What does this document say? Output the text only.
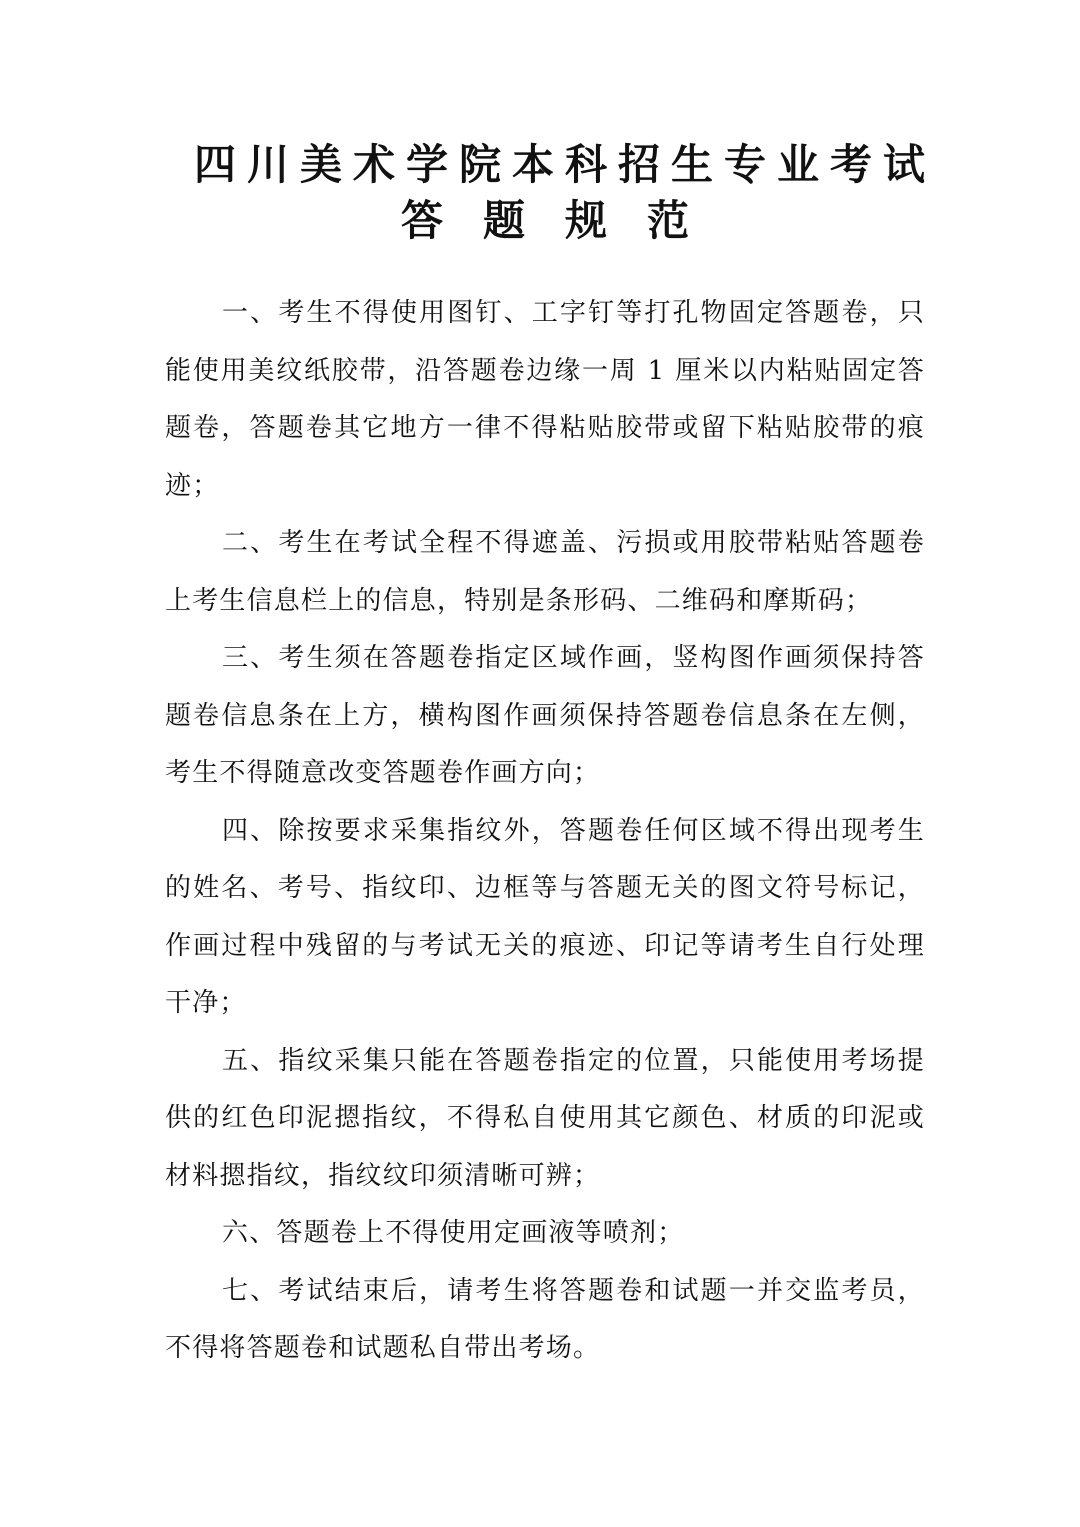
四川美术学院本科招生专业考试
答题规范

一、考生不得使用图钉、工字钉等打孔物固定答题卷，只能使用美纹纸胶带，沿答题卷边缘一周 1 厘米以内粘贴固定答题卷，答题卷其它地方一律不得粘贴胶带或留下粘贴胶带的痕迹；

二、考生在考试全程不得遮盖、污损或用胶带粘贴答题卷上考生信息栏上的信息，特别是条形码、二维码和摩斯码；

三、考生须在答题卷指定区域作画，竖构图作画须保持答题卷信息条在上方，横构图作画须保持答题卷信息条在左侧，考生不得随意改变答题卷作画方向；

四、除按要求采集指纹外，答题卷任何区域不得出现考生的姓名、考号、指纹印、边框等与答题无关的图文符号标记，作画过程中残留的与考试无关的痕迹、印记等请考生自行处理干净；

五、指纹采集只能在答题卷指定的位置，只能使用考场提供的红色印泥摁指纹，不得私自使用其它颜色、材质的印泥或材料摁指纹，指纹纹印须清晰可辨；

六、答题卷上不得使用定画液等喷剂；

七、考试结束后，请考生将答题卷和试题一并交监考员，不得将答题卷和试题私自带出考场。
